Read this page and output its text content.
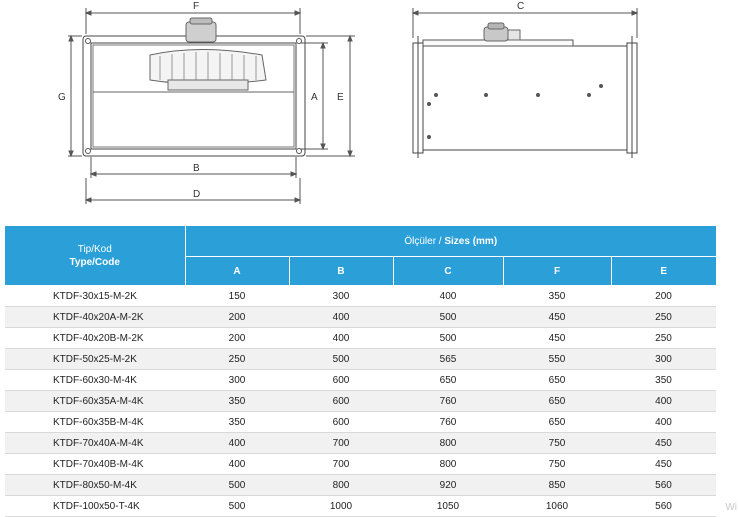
F
G	A E
B
D
C
Tip/Kod
Type/Code	Ölçüler / Sizes (mm)				
	A	B	C	F	E
KTDF-30x15-M-2K	150	300	400	350	200
KTDF-40x20A-M-2K	200	400	500	450	250
KTDF-40x20B-M-2K	200	400	500	450	250
KTDF-50x25-M-2K	250	500	565	550	300
KTDF-60x30-M-4K	300	600	650	650	350
KTDF-60x35A-M-4K	350	600	760	650	400
KTDF-60x35B-M-4K	350	600	760	650	400
KTDF-70x40A-M-4K	400	700	800	750	450
KTDF-70x40B-M-4K	400	700	800	750	450
KTDF-80x50-M-4K	500	800	920	850	560
KTDF-100x50-T-4K	500	1000	1050	1060	560	Wi
